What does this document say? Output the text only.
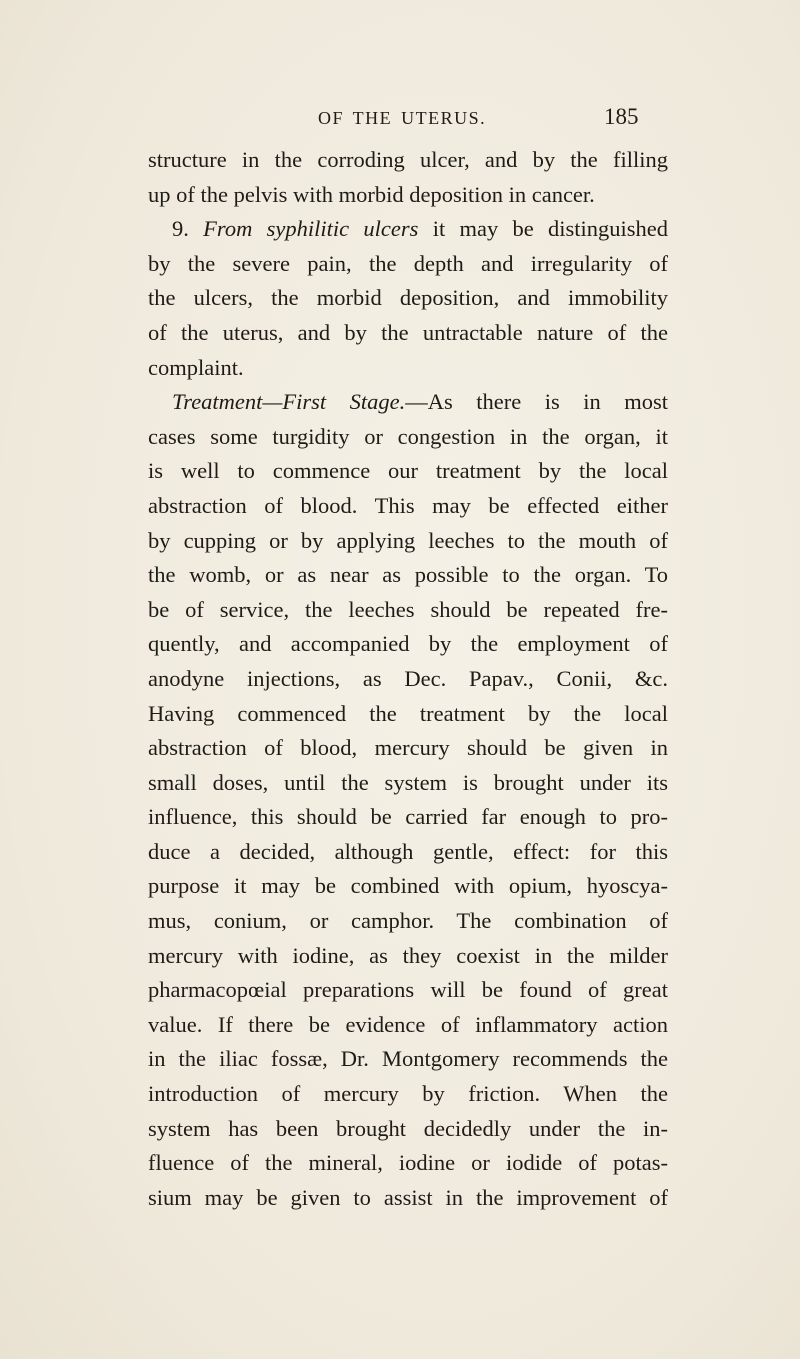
OF THE UTERUS.	185
structure in the corroding ulcer, and by the filling
up of the pelvis with morbid deposition in cancer.
9. From syphilitic ulcers it may be distinguished
by the severe pain, the depth and irregularity of
the ulcers, the morbid deposition, and immobility
of the uterus, and by the untractable nature of the
complaint.
Treatment—First Stage.—As there is in most
cases some turgidity or congestion in the organ, it
is well to commence our treatment by the local
abstraction of blood. This may be effected either
by cupping or by applying leeches to the mouth of
the womb, or as near as possible to the organ. To
be of service, the leeches should be repeated fre-
quently, and accompanied by the employment of
anodyne injections, as Dec. Papav., Conii, &c.
Having commenced the treatment by the local
abstraction of blood, mercury should be given in
small doses, until the system is brought under its
influence, this should be carried far enough to pro-
duce a decided, although gentle, effect: for this
purpose it may be combined with opium, hyoscya-
mus, conium, or camphor. The combination of
mercury with iodine, as they coexist in the milder
pharmacopœial preparations will be found of great
value. If there be evidence of inflammatory action
in the iliac fossæ, Dr. Montgomery recommends the
introduction of mercury by friction. When the
system has been brought decidedly under the in-
fluence of the mineral, iodine or iodide of potas-
sium may be given to assist in the improvement of
